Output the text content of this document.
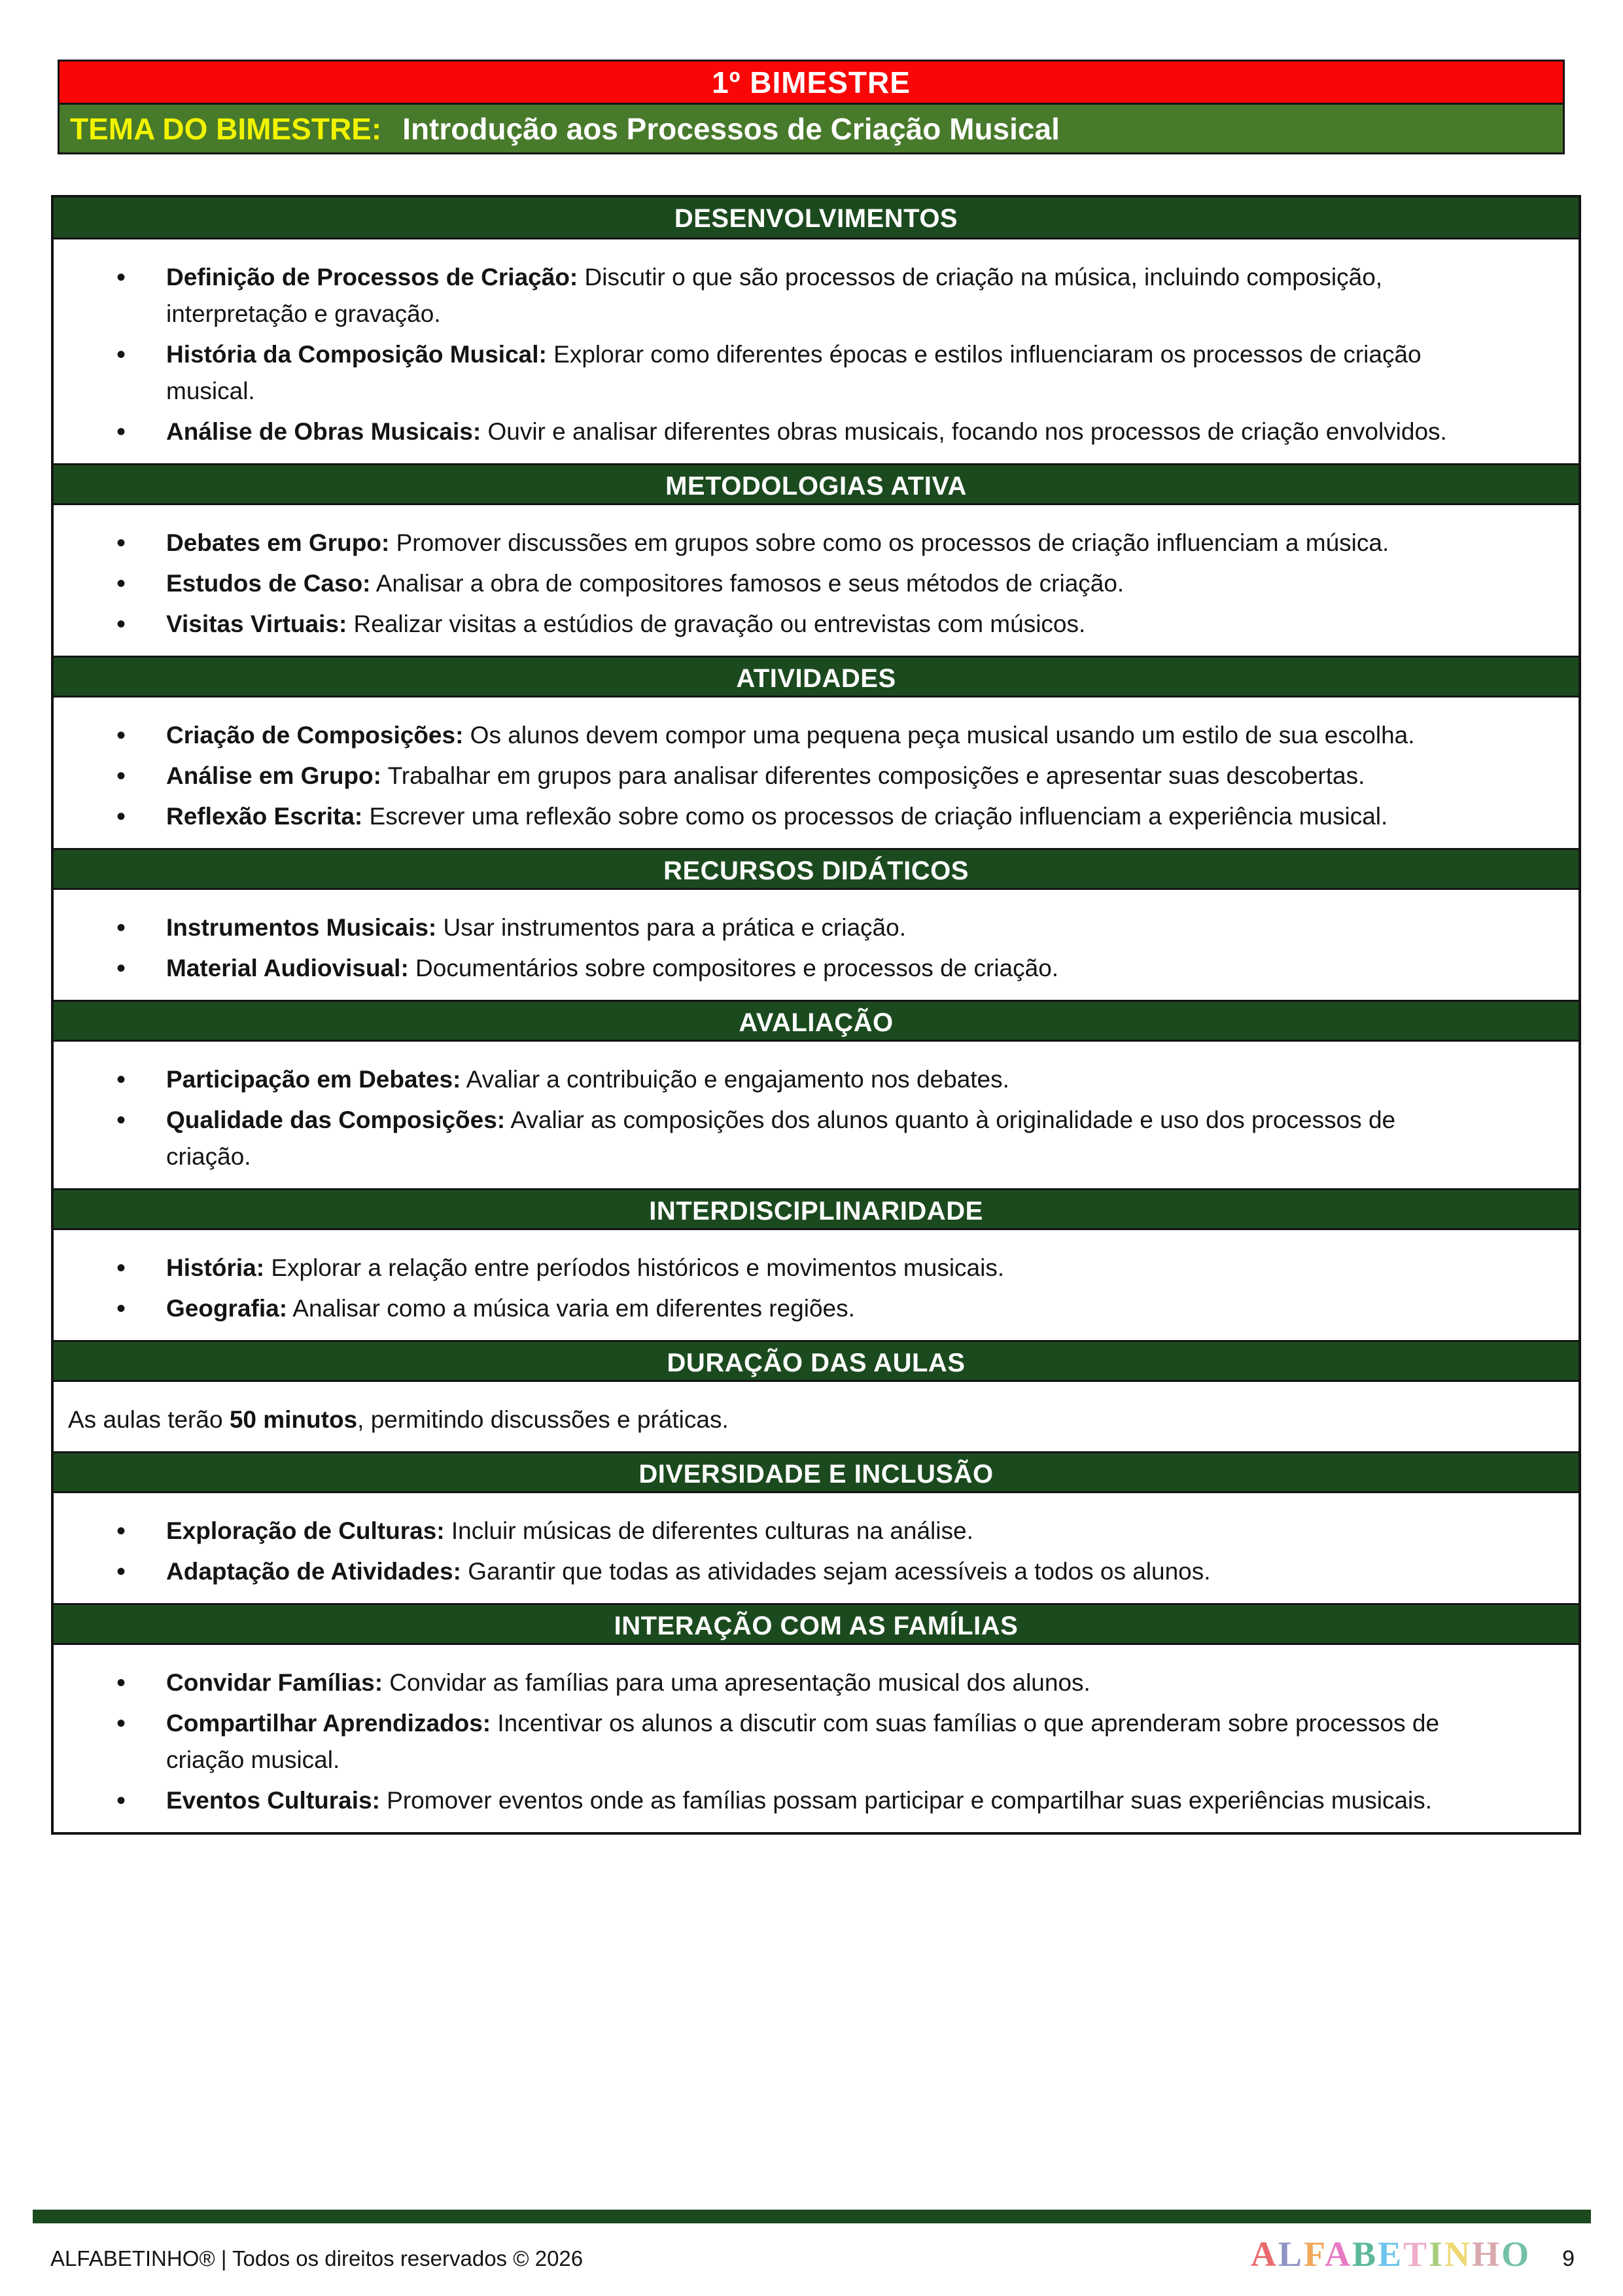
1º BIMESTRE
TEMA DO BIMESTRE: Introdução aos Processos de Criação Musical
DESENVOLVIMENTOS
• Definição de Processos de Criação: Discutir o que são processos de criação na música, incluindo composição, interpretação e gravação.
• História da Composição Musical: Explorar como diferentes épocas e estilos influenciaram os processos de criação musical.
• Análise de Obras Musicais: Ouvir e analisar diferentes obras musicais, focando nos processos de criação envolvidos.
METODOLOGIAS ATIVA
• Debates em Grupo: Promover discussões em grupos sobre como os processos de criação influenciam a música.
• Estudos de Caso: Analisar a obra de compositores famosos e seus métodos de criação.
• Visitas Virtuais: Realizar visitas a estúdios de gravação ou entrevistas com músicos.
ATIVIDADES
• Criação de Composições: Os alunos devem compor uma pequena peça musical usando um estilo de sua escolha.
• Análise em Grupo: Trabalhar em grupos para analisar diferentes composições e apresentar suas descobertas.
• Reflexão Escrita: Escrever uma reflexão sobre como os processos de criação influenciam a experiência musical.
RECURSOS DIDÁTICOS
• Instrumentos Musicais: Usar instrumentos para a prática e criação.
• Material Audiovisual: Documentários sobre compositores e processos de criação.
AVALIAÇÃO
• Participação em Debates: Avaliar a contribuição e engajamento nos debates.
• Qualidade das Composições: Avaliar as composições dos alunos quanto à originalidade e uso dos processos de criação.
INTERDISCIPLINARIDADE
• História: Explorar a relação entre períodos históricos e movimentos musicais.
• Geografia: Analisar como a música varia em diferentes regiões.
DURAÇÃO DAS AULAS

As aulas terão 50 minutos, permitindo discussões e práticas.

DIVERSIDADE E INCLUSÃO
• Exploração de Culturas: Incluir músicas de diferentes culturas na análise.
• Adaptação de Atividades: Garantir que todas as atividades sejam acessíveis a todos os alunos.
INTERAÇÃO COM AS FAMÍLIAS
• Convidar Famílias: Convidar as famílias para uma apresentação musical dos alunos.
• Compartilhar Aprendizados: Incentivar os alunos a discutir com suas famílias o que aprenderam sobre processos de criação musical.
• Eventos Culturais: Promover eventos onde as famílias possam participar e compartilhar suas experiências musicais.
ALFABETINHO® | Todos os direitos reservados © 2026	ALFABETINHO 9
